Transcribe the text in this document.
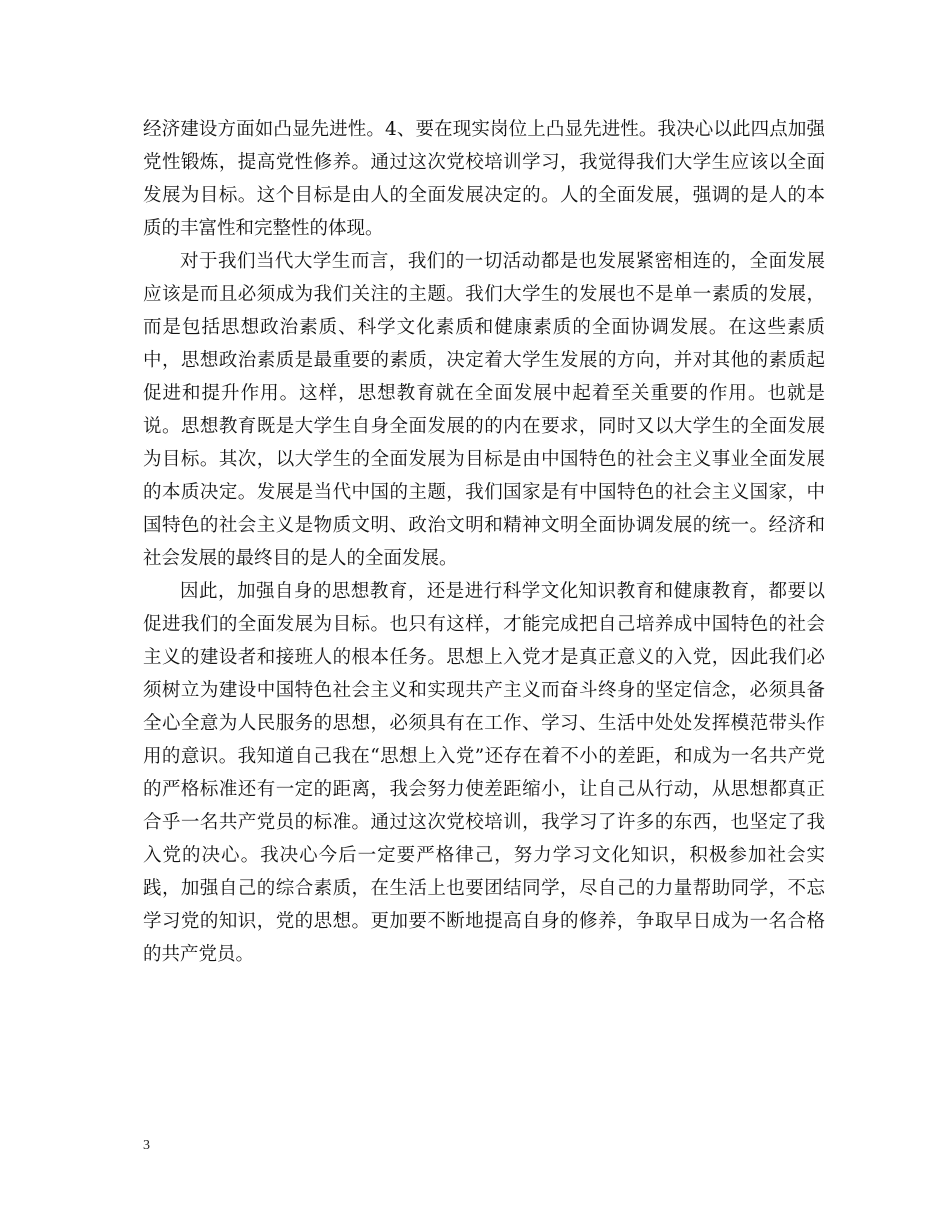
经济建设方面如凸显先进性。4、要在现实岗位上凸显先进性。我决心以此四点加强党性锻炼，提高党性修养。通过这次党校培训学习，我觉得我们大学生应该以全面发展为目标。这个目标是由人的全面发展决定的。人的全面发展，强调的是人的本质的丰富性和完整性的体现。

对于我们当代大学生而言，我们的一切活动都是也发展紧密相连的，全面发展应该是而且必须成为我们关注的主题。我们大学生的发展也不是单一素质的发展，而是包括思想政治素质、科学文化素质和健康素质的全面协调发展。在这些素质中，思想政治素质是最重要的素质，决定着大学生发展的方向，并对其他的素质起促进和提升作用。这样，思想教育就在全面发展中起着至关重要的作用。也就是说。思想教育既是大学生自身全面发展的的内在要求，同时又以大学生的全面发展为目标。其次，以大学生的全面发展为目标是由中国特色的社会主义事业全面发展的本质决定。发展是当代中国的主题，我们国家是有中国特色的社会主义国家，中国特色的社会主义是物质文明、政治文明和精神文明全面协调发展的统一。经济和社会发展的最终目的是人的全面发展。

因此，加强自身的思想教育，还是进行科学文化知识教育和健康教育，都要以促进我们的全面发展为目标。也只有这样，才能完成把自己培养成中国特色的社会主义的建设者和接班人的根本任务。思想上入党才是真正意义的入党，因此我们必须树立为建设中国特色社会主义和实现共产主义而奋斗终身的坚定信念，必须具备全心全意为人民服务的思想，必须具有在工作、学习、生活中处处发挥模范带头作用的意识。我知道自己我在“思想上入党”还存在着不小的差距，和成为一名共产党的严格标准还有一定的距离，我会努力使差距缩小，让自己从行动，从思想都真正合乎一名共产党员的标准。通过这次党校培训，我学习了许多的东西，也坚定了我入党的决心。我决心今后一定要严格律己，努力学习文化知识，积极参加社会实践，加强自己的综合素质，在生活上也要团结同学，尽自己的力量帮助同学，不忘学习党的知识，党的思想。更加要不断地提高自身的修养，争取早日成为一名合格的共产党员。

3
